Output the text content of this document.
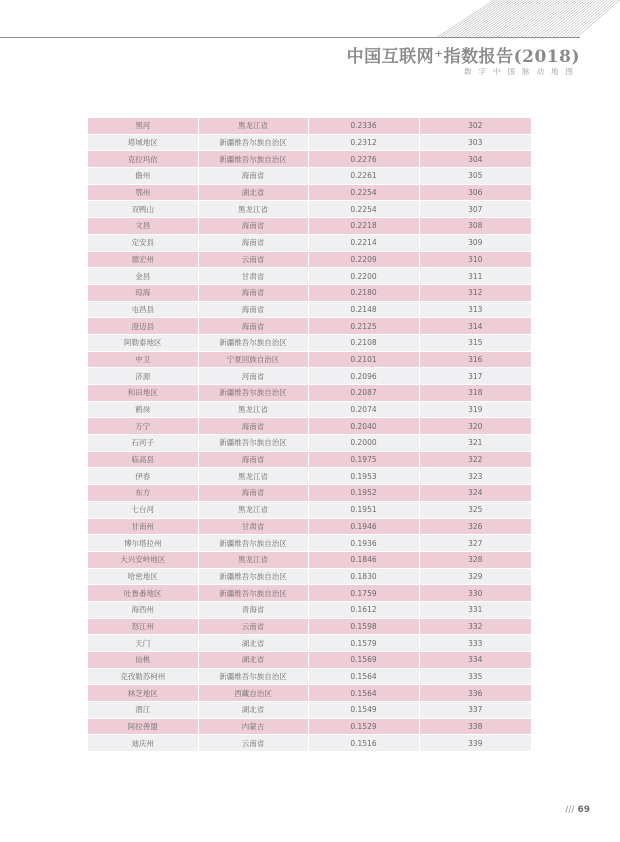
中国互联网⁺指数报告(2018)
数字中国脉动地图
黑河	黑龙江省	0.2336	302
塔城地区	新疆维吾尔族自治区	0.2312	303
克拉玛依	新疆维吾尔族自治区	0.2276	304
儋州	海南省	0.2261	305
鄂州	湖北省	0.2254	306
双鸭山	黑龙江省	0.2254	307
文昌	海南省	0.2218	308
定安县	海南省	0.2214	309
德宏州	云南省	0.2209	310
金昌	甘肃省	0.2200	311
琼海	海南省	0.2180	312
屯昌县	海南省	0.2148	313
澄迈县	海南省	0.2125	314
阿勒泰地区	新疆维吾尔族自治区	0.2108	315
中卫	宁夏回族自治区	0.2101	316
济源	河南省	0.2096	317
和田地区	新疆维吾尔族自治区	0.2087	318
鹤岗	黑龙江省	0.2074	319
万宁	海南省	0.2040	320
石河子	新疆维吾尔族自治区	0.2000	321
临高县	海南省	0.1975	322
伊春	黑龙江省	0.1953	323
东方	海南省	0.1952	324
七台河	黑龙江省	0.1951	325
甘南州	甘肃省	0.1946	326
博尔塔拉州	新疆维吾尔族自治区	0.1936	327
大兴安岭地区	黑龙江省	0.1846	328
哈密地区	新疆维吾尔族自治区	0.1830	329
吐鲁番地区	新疆维吾尔族自治区	0.1759	330
海西州	青海省	0.1612	331
怒江州	云南省	0.1598	332
天门	湖北省	0.1579	333
仙桃	湖北省	0.1569	334
克孜勒苏柯州	新疆维吾尔族自治区	0.1564	335
林芝地区	西藏自治区	0.1564	336
潜江	湖北省	0.1549	337
阿拉善盟	内蒙古	0.1529	338
迪庆州	云南省	0.1516	339
/// 69
